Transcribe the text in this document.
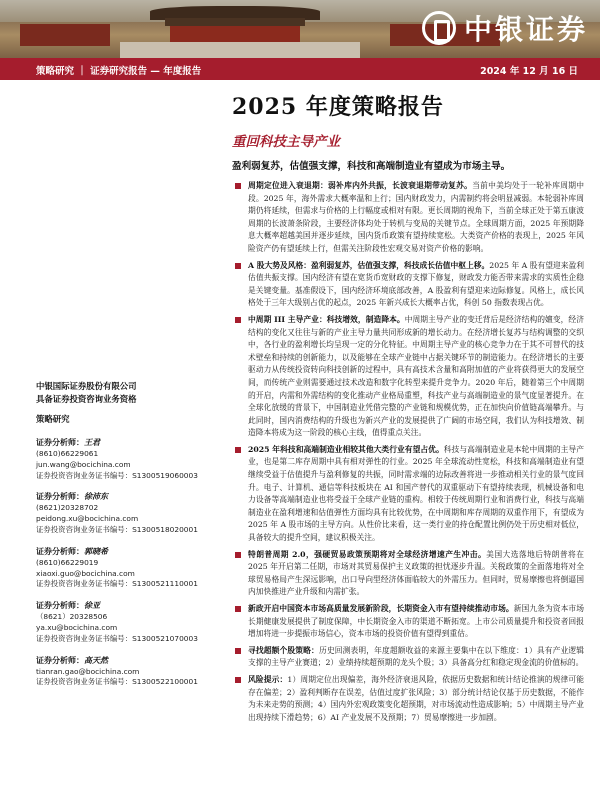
中银证券
策略研究 ｜ 证券研究报告 — 年度报告	2024 年 12 月 16 日
2025 年度策略报告
重回科技主导产业
盈利弱复苏，估值强支撑，科技和高端制造业有望成为市场主导。
周期定位进入衰退期：弱补库内外共振，长波衰退期带动复苏。当前中美均处于一轮补库周期中段。2025 年，海外需求大概率温和上行；国内财政发力，内需制约将会明显减弱。本轮弱补库周期仍将延续，但需求与价格的上行幅度或相对有限。更长周期的视角下，当前全球正处于第五康波周期的长波萧条阶段，主要经济体均处于转机与变局的关键节点。全球周期方面，2025 年预期降息大概率超越美国并逐步延续，国内货币政策有望持续宽松。大类资产价格的表现上，2025 年风险资产仍有望延续上行，但需关注阶段性宏观交易对资产价格的影响。
A 股大势及风格：盈利弱复苏，估值强支撑，科技成长估值中枢上移。2025 年 A 股有望迎来盈利估值共振支撑。国内经济有望在宽货币宽财政的支撑下修复，财政发力能否带来需求的实质性企稳是关键变量。基准假设下，国内经济环境底部改善，A 股盈利有望迎来边际修复。风格上，成长风格处于三年大级别占优的起点，2025 年新兴成长大概率占优，科创 50 指数表现占优。
中周期 III 主导产业：科技增效，制造降本。中周期主导产业的变迁背后是经济结构的嬗变，经济结构的变化又往往与新的产业主导力量共同形成新的增长动力。在经济增长复苏与结构调整的交织中，各行业的盈利增长均呈现一定的分化特征。中周期主导产业的核心竞争力在于其不可替代的技术壁垒和持续的创新能力，以及能够在全球产业链中占据关键环节的制造能力。在经济增长的主要驱动力从传统投资转向科技创新的过程中，具有高技术含量和高附加值的产业将获得更大的发展空间，而传统产业则需要通过技术改造和数字化转型来提升竞争力。2020 年后，随着第三个中周期的开启，内需和外需结构的变化推动产业格局重塑，科技产业与高端制造业的景气度显著提升。在全球化放缓的背景下，中国制造业凭借完整的产业链和规模优势，正在加快向价值链高端攀升。与此同时，国内消费结构的升级也为新兴产业的发展提供了广阔的市场空间，我们认为科技增效、制造降本将成为这一阶段的核心主线，值得重点关注。
2025 年科技和高端制造业相较其他大类行业有望占优。科技与高端制造业是本轮中周期的主导产业，也是第二库存周期中具有相对弹性的行业。2025 年全球流动性宽松，科技和高端制造业有望继续受益于估值提升与盈利修复的共振，同时需求端的边际改善将进一步推动相关行业的景气度回升。电子、计算机、通信等科技板块在 AI 和国产替代的双重驱动下有望持续表现，机械设备和电力设备等高端制造业也将受益于全球产业链的重构。相较于传统周期行业和消费行业，科技与高端制造业在盈利增速和估值弹性方面均具有比较优势，在中周期和库存周期的双重作用下，有望成为 2025 年 A 股市场的主导方向。从性价比来看，这一类行业的持仓配置比例仍处于历史相对低位，具备较大的提升空间，建议积极关注。
特朗普周期 2.0，强硬贸易政策预期将对全球经济增速产生冲击。美国大选落地后特朗普将在 2025 年开启第二任期，市场对其贸易保护主义政策的担忧逐步升温。关税政策的全面落地将对全球贸易格局产生深远影响，出口导向型经济体面临较大的外需压力。但同时，贸易摩擦也将倒逼国内加快推进产业升级和内需扩张。
新政开启中国资本市场高质量发展新阶段，长期资金入市有望持续推动市场。新国九条为资本市场长期健康发展提供了制度保障，中长期资金入市的渠道不断拓宽。上市公司质量提升和投资者回报增加将进一步提振市场信心，资本市场的投资价值有望得到重估。
寻找超额个股策略：历史回测表明，年度超额收益的来源主要集中在以下维度：1）具有产业逻辑支撑的主导产业赛道；2）业绩持续超预期的龙头个股；3）具备高分红和稳定现金流的价值标的。
风险提示：1）周期定位出现偏差，海外经济衰退风险，依据历史数据和统计结论推演的规律可能存在偏差；2）盈利判断存在误差，估值过度扩张风险；3）部分统计结论仅基于历史数据，不能作为未来走势的预测；4）国内外宏观政策变化超预期，对市场流动性造成影响；5）中周期主导产业出现持续下滑趋势；6）AI 产业发展不及预期；7）贸易摩擦进一步加剧。
中银国际证券股份有限公司
具备证券投资咨询业务资格
策略研究
证券分析师：王君
(8610)66229061
jun.wang@bocichina.com
证券投资咨询业务证书编号：S1300519060003
证券分析师：徐沛东
(8621)20328702
peidong.xu@bocichina.com
证券投资咨询业务证书编号：S1300518020001
证券分析师：郭晓希
(8610)66229019
xiaoxi.guo@bocichina.com
证券投资咨询业务证书编号：S1300521110001
证券分析师：徐亚
（8621）20328506
ya.xu@bocichina.com
证券投资咨询业务证书编号：S1300521070003
证券分析师：高天然
tianran.gao@bocichina.com
证券投资咨询业务证书编号：S1300522100001
